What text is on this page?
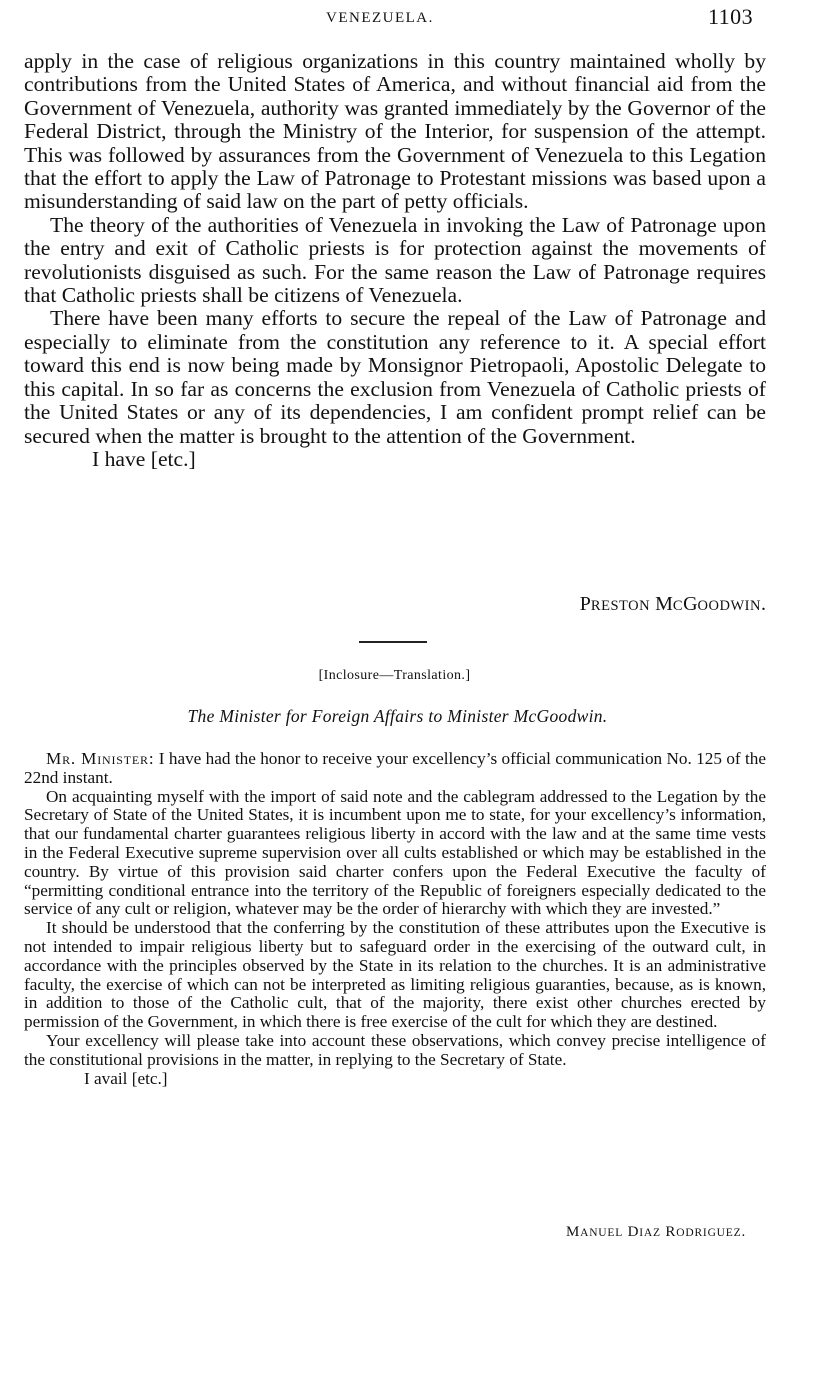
VENEZUELA.	1103

apply in the case of religious organizations in this country maintained wholly by contributions from the United States of America, and without financial aid from the Government of Venezuela, authority was granted immediately by the Governor of the Federal District, through the Ministry of the Interior, for suspension of the attempt. This was followed by assurances from the Government of Venezuela to this Legation that the effort to apply the Law of Patronage to Protestant missions was based upon a misunderstanding of said law on the part of petty officials.

The theory of the authorities of Venezuela in invoking the Law of Patronage upon the entry and exit of Catholic priests is for protection against the movements of revolutionists disguised as such. For the same reason the Law of Patronage requires that Catholic priests shall be citizens of Venezuela.

There have been many efforts to secure the repeal of the Law of Patronage and especially to eliminate from the constitution any reference to it. A special effort toward this end is now being made by Monsignor Pietropaoli, Apostolic Delegate to this capital. In so far as concerns the exclusion from Venezuela of Catholic priests of the United States or any of its dependencies, I am confident prompt relief can be secured when the matter is brought to the attention of the Government.

I have [etc.]

PRESTON MCGOODWIN.
[Inclosure—Translation.]
The Minister for Foreign Affairs to Minister McGoodwin.

Mr. Minister: I have had the honor to receive your excellency’s official communication No. 125 of the 22nd instant.

On acquainting myself with the import of said note and the cablegram addressed to the Legation by the Secretary of State of the United States, it is incumbent upon me to state, for your excellency’s information, that our fundamental charter guarantees religious liberty in accord with the law and at the same time vests in the Federal Executive supreme supervision over all cults established or which may be established in the country. By virtue of this provision said charter confers upon the Federal Executive the faculty of “permitting conditional entrance into the territory of the Republic of foreigners especially dedicated to the service of any cult or religion, whatever may be the order of hierarchy with which they are invested.”

It should be understood that the conferring by the constitution of these attributes upon the Executive is not intended to impair religious liberty but to safeguard order in the exercising of the outward cult, in accordance with the principles observed by the State in its relation to the churches. It is an administrative faculty, the exercise of which can not be interpreted as limiting religious guaranties, because, as is known, in addition to those of the Catholic cult, that of the majority, there exist other churches erected by permission of the Government, in which there is free exercise of the cult for which they are destined.

Your excellency will please take into account these observations, which convey precise intelligence of the constitutional provisions in the matter, in replying to the Secretary of State.

I avail [etc.]

MANUEL DIAZ RODRIGUEZ.
